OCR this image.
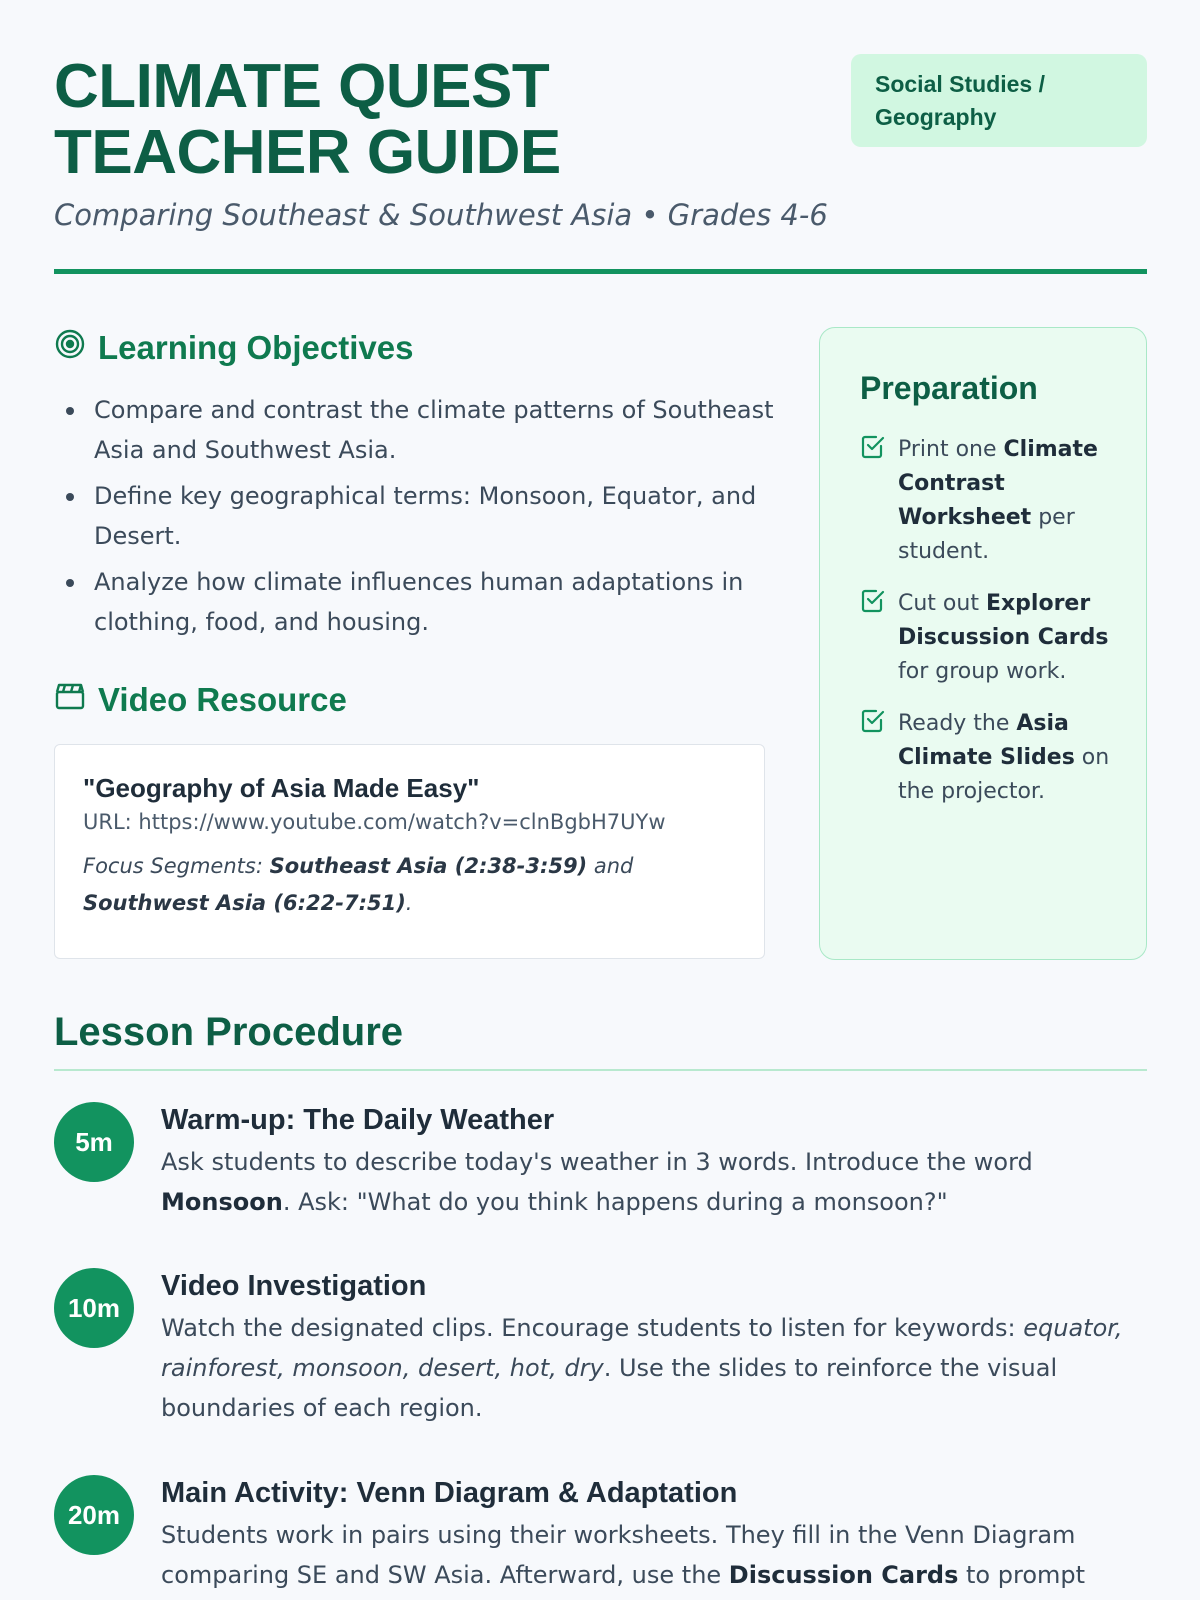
CLIMATE QUEST TEACHER GUIDE
Social Studies / Geography
Comparing Southeast & Southwest Asia • Grades 4-6
Learning Objectives
Compare and contrast the climate patterns of Southeast Asia and Southwest Asia.
Define key geographical terms: Monsoon, Equator, and Desert.
Analyze how climate influences human adaptations in clothing, food, and housing.
Video Resource
"Geography of Asia Made Easy"
URL: https://www.youtube.com/watch?v=clnBgbH7UYw
Focus Segments: Southeast Asia (2:38-3:59) and Southwest Asia (6:22-7:51).
Preparation
Print one Climate Contrast Worksheet per student.
Cut out Explorer Discussion Cards for group work.
Ready the Asia Climate Slides on the projector.
Lesson Procedure
5m
Warm-up: The Daily Weather
Ask students to describe today's weather in 3 words. Introduce the word Monsoon. Ask: "What do you think happens during a monsoon?"
10m
Video Investigation
Watch the designated clips. Encourage students to listen for keywords: equator, rainforest, monsoon, desert, hot, dry. Use the slides to reinforce the visual boundaries of each region.
20m
Main Activity: Venn Diagram & Adaptation
Students work in pairs using their worksheets. They fill in the Venn Diagram comparing SE and SW Asia. Afterward, use the Discussion Cards to prompt
